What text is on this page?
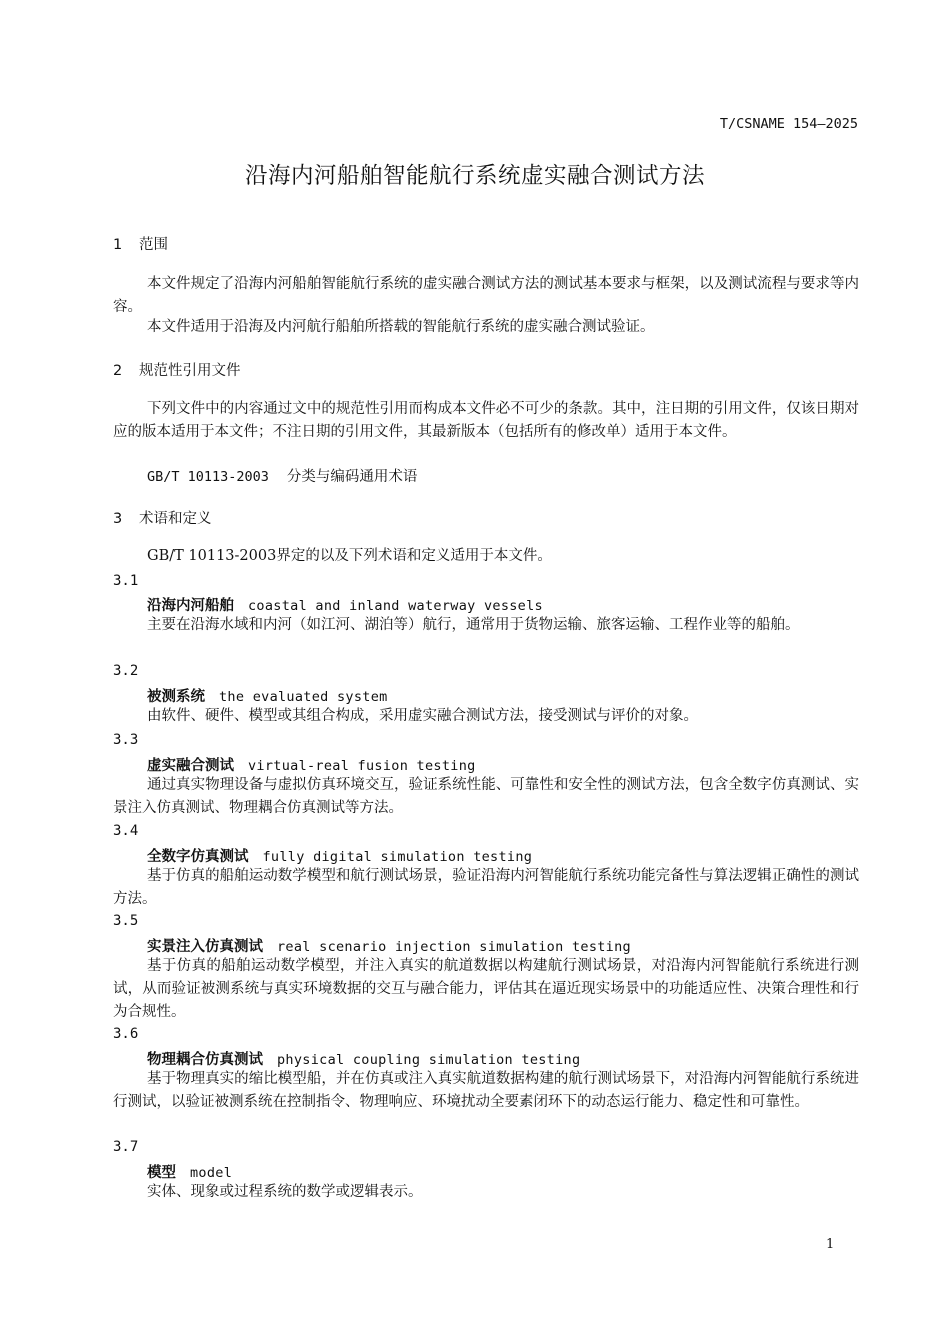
T/CSNAME 154—2025
沿海内河船舶智能航行系统虚实融合测试方法
1 范围
本文件规定了沿海内河船舶智能航行系统的虚实融合测试方法的测试基本要求与框架，以及测试流程与要求等内容。
本文件适用于沿海及内河航行船舶所搭载的智能航行系统的虚实融合测试验证。
2 规范性引用文件
下列文件中的内容通过文中的规范性引用而构成本文件必不可少的条款。其中，注日期的引用文件，仅该日期对应的版本适用于本文件；不注日期的引用文件，其最新版本（包括所有的修改单）适用于本文件。
GB/T 10113-2003 分类与编码通用术语
3 术语和定义
GB/T 10113-2003界定的以及下列术语和定义适用于本文件。
3.1
沿海内河船舶 coastal and inland waterway vessels
主要在沿海水域和内河（如江河、湖泊等）航行，通常用于货物运输、旅客运输、工程作业等的船舶。
3.2
被测系统 the evaluated system
由软件、硬件、模型或其组合构成，采用虚实融合测试方法，接受测试与评价的对象。
3.3
虚实融合测试 virtual-real fusion testing
通过真实物理设备与虚拟仿真环境交互，验证系统性能、可靠性和安全性的测试方法，包含全数字仿真测试、实景注入仿真测试、物理耦合仿真测试等方法。
3.4
全数字仿真测试 fully digital simulation testing
基于仿真的船舶运动数学模型和航行测试场景，验证沿海内河智能航行系统功能完备性与算法逻辑正确性的测试方法。
3.5
实景注入仿真测试 real scenario injection simulation testing
基于仿真的船舶运动数学模型，并注入真实的航道数据以构建航行测试场景，对沿海内河智能航行系统进行测试，从而验证被测系统与真实环境数据的交互与融合能力，评估其在逼近现实场景中的功能适应性、决策合理性和行为合规性。
3.6
物理耦合仿真测试 physical coupling simulation testing
基于物理真实的缩比模型船，并在仿真或注入真实航道数据构建的航行测试场景下，对沿海内河智能航行系统进行测试，以验证被测系统在控制指令、物理响应、环境扰动全要素闭环下的动态运行能力、稳定性和可靠性。
3.7
模型 model
实体、现象或过程系统的数学或逻辑表示。
1
